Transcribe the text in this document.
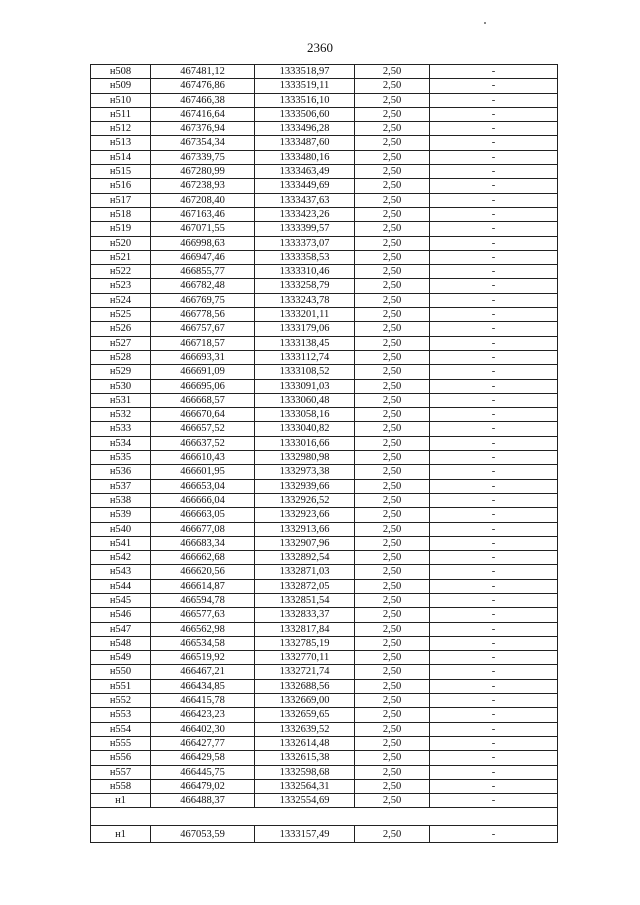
2360
н508	467481,12	1333518,97	2,50	-
н509	467476,86	1333519,11	2,50	-
н510	467466,38	1333516,10	2,50	-
н511	467416,64	1333506,60	2,50	-
н512	467376,94	1333496,28	2,50	-
н513	467354,34	1333487,60	2,50	-
н514	467339,75	1333480,16	2,50	-
н515	467280,99	1333463,49	2,50	-
н516	467238,93	1333449,69	2,50	-
н517	467208,40	1333437,63	2,50	-
н518	467163,46	1333423,26	2,50	-
н519	467071,55	1333399,57	2,50	-
н520	466998,63	1333373,07	2,50	-
н521	466947,46	1333358,53	2,50	-
н522	466855,77	1333310,46	2,50	-
н523	466782,48	1333258,79	2,50	-
н524	466769,75	1333243,78	2,50	-
н525	466778,56	1333201,11	2,50	-
н526	466757,67	1333179,06	2,50	-
н527	466718,57	1333138,45	2,50	-
н528	466693,31	1333112,74	2,50	-
н529	466691,09	1333108,52	2,50	-
н530	466695,06	1333091,03	2,50	-
н531	466668,57	1333060,48	2,50	-
н532	466670,64	1333058,16	2,50	-
н533	466657,52	1333040,82	2,50	-
н534	466637,52	1333016,66	2,50	-
н535	466610,43	1332980,98	2,50	-
н536	466601,95	1332973,38	2,50	-
н537	466653,04	1332939,66	2,50	-
н538	466666,04	1332926,52	2,50	-
н539	466663,05	1332923,66	2,50	-
н540	466677,08	1332913,66	2,50	-
н541	466683,34	1332907,96	2,50	-
н542	466662,68	1332892,54	2,50	-
н543	466620,56	1332871,03	2,50	-
н544	466614,87	1332872,05	2,50	-
н545	466594,78	1332851,54	2,50	-
н546	466577,63	1332833,37	2,50	-
н547	466562,98	1332817,84	2,50	-
н548	466534,58	1332785,19	2,50	-
н549	466519,92	1332770,11	2,50	-
н550	466467,21	1332721,74	2,50	-
н551	466434,85	1332688,56	2,50	-
н552	466415,78	1332669,00	2,50	-
н553	466423,23	1332659,65	2,50	-
н554	466402,30	1332639,52	2,50	-
н555	466427,77	1332614,48	2,50	-
н556	466429,58	1332615,38	2,50	-
н557	466445,75	1332598,68	2,50	-
н558	466479,02	1332564,31	2,50	-
н1	466488,37	1332554,69	2,50	-

н1	467053,59	1333157,49	2,50	-
